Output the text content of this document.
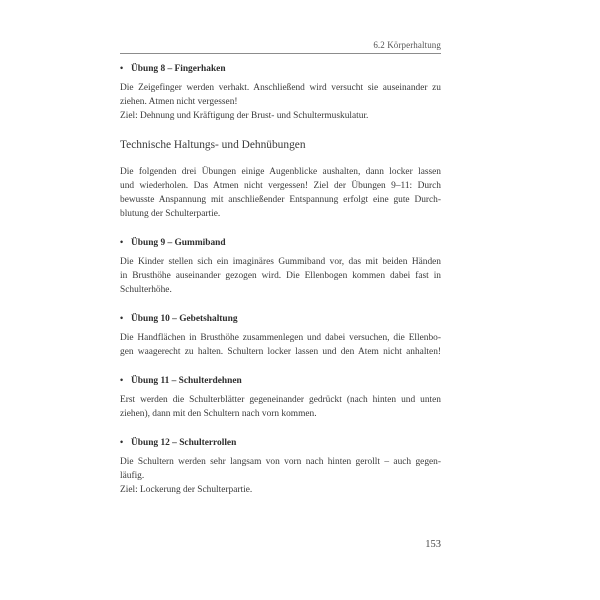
6.2 Körperhaltung
• Übung 8 – Fingerhaken
Die Zeigefinger werden verhakt. Anschließend wird versucht sie auseinander zu
ziehen. Atmen nicht vergessen!
Ziel: Dehnung und Kräftigung der Brust- und Schultermuskulatur.
Technische Haltungs- und Dehnübungen
Die folgenden drei Übungen einige Augenblicke aushalten, dann locker lassen
und wiederholen. Das Atmen nicht vergessen! Ziel der Übungen 9–11: Durch
bewusste Anspannung mit anschließender Entspannung erfolgt eine gute Durch-
blutung der Schulterpartie.
• Übung 9 – Gummiband
Die Kinder stellen sich ein imaginäres Gummiband vor, das mit beiden Händen
in Brusthöhe auseinander gezogen wird. Die Ellenbogen kommen dabei fast in
Schulterhöhe.
• Übung 10 – Gebetshaltung
Die Handflächen in Brusthöhe zusammenlegen und dabei versuchen, die Ellenbo-
gen waagerecht zu halten. Schultern locker lassen und den Atem nicht anhalten!
• Übung 11 – Schulterdehnen
Erst werden die Schulterblätter gegeneinander gedrückt (nach hinten und unten
ziehen), dann mit den Schultern nach vorn kommen.
• Übung 12 – Schulterrollen
Die Schultern werden sehr langsam von vorn nach hinten gerollt – auch gegen-
läufig.
Ziel: Lockerung der Schulterpartie.
153
